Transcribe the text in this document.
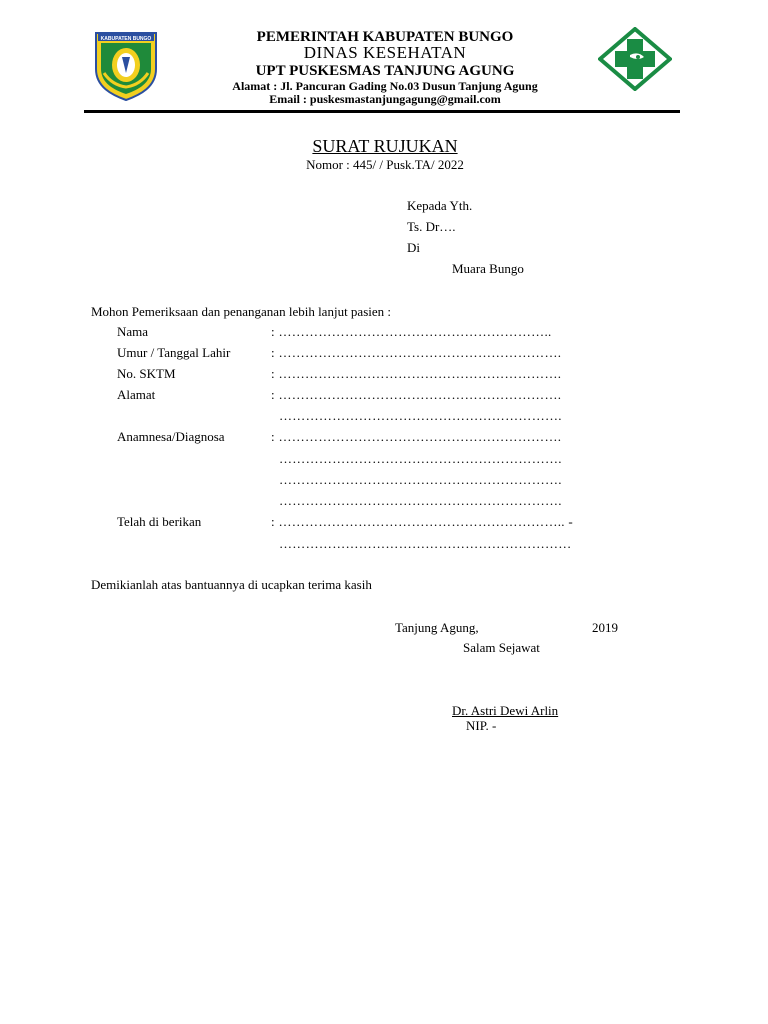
KABUPATEN BUNGO	PEMERINTAH KABUPATEN BUNGO
DINAS KESEHATAN
UPT PUSKESMAS TANJUNG AGUNG
Alamat : Jl. Pancuran Gading No.03 Dusun Tanjung Agung
Email : puskesmastanjungagung@gmail.com
SURAT RUJUKAN
Nomor : 445/ / Pusk.TA/ 2022
Kepada Yth.
Ts. Dr….
Di
Muara Bungo
Mohon Pemeriksaan dan penanganan lebih lanjut pasien :
Nama	: ……………………………………………………..
Umur / Tanggal Lahir	: ……………………………………………………….
No. SKTM	: ……………………………………………………….
Alamat	: ……………………………………………………….
……………………………………………………….
Anamnesa/Diagnosa	: ……………………………………………………….
……………………………………………………….
……………………………………………………….
……………………………………………………….
Telah di berikan	: ……………………………………………………….. -
…………………………………………………………
Demikianlah atas bantuannya di ucapkan terima kasih
Tanjung Agung,	2019
Salam Sejawat
Dr. Astri Dewi Arlin
NIP. -
